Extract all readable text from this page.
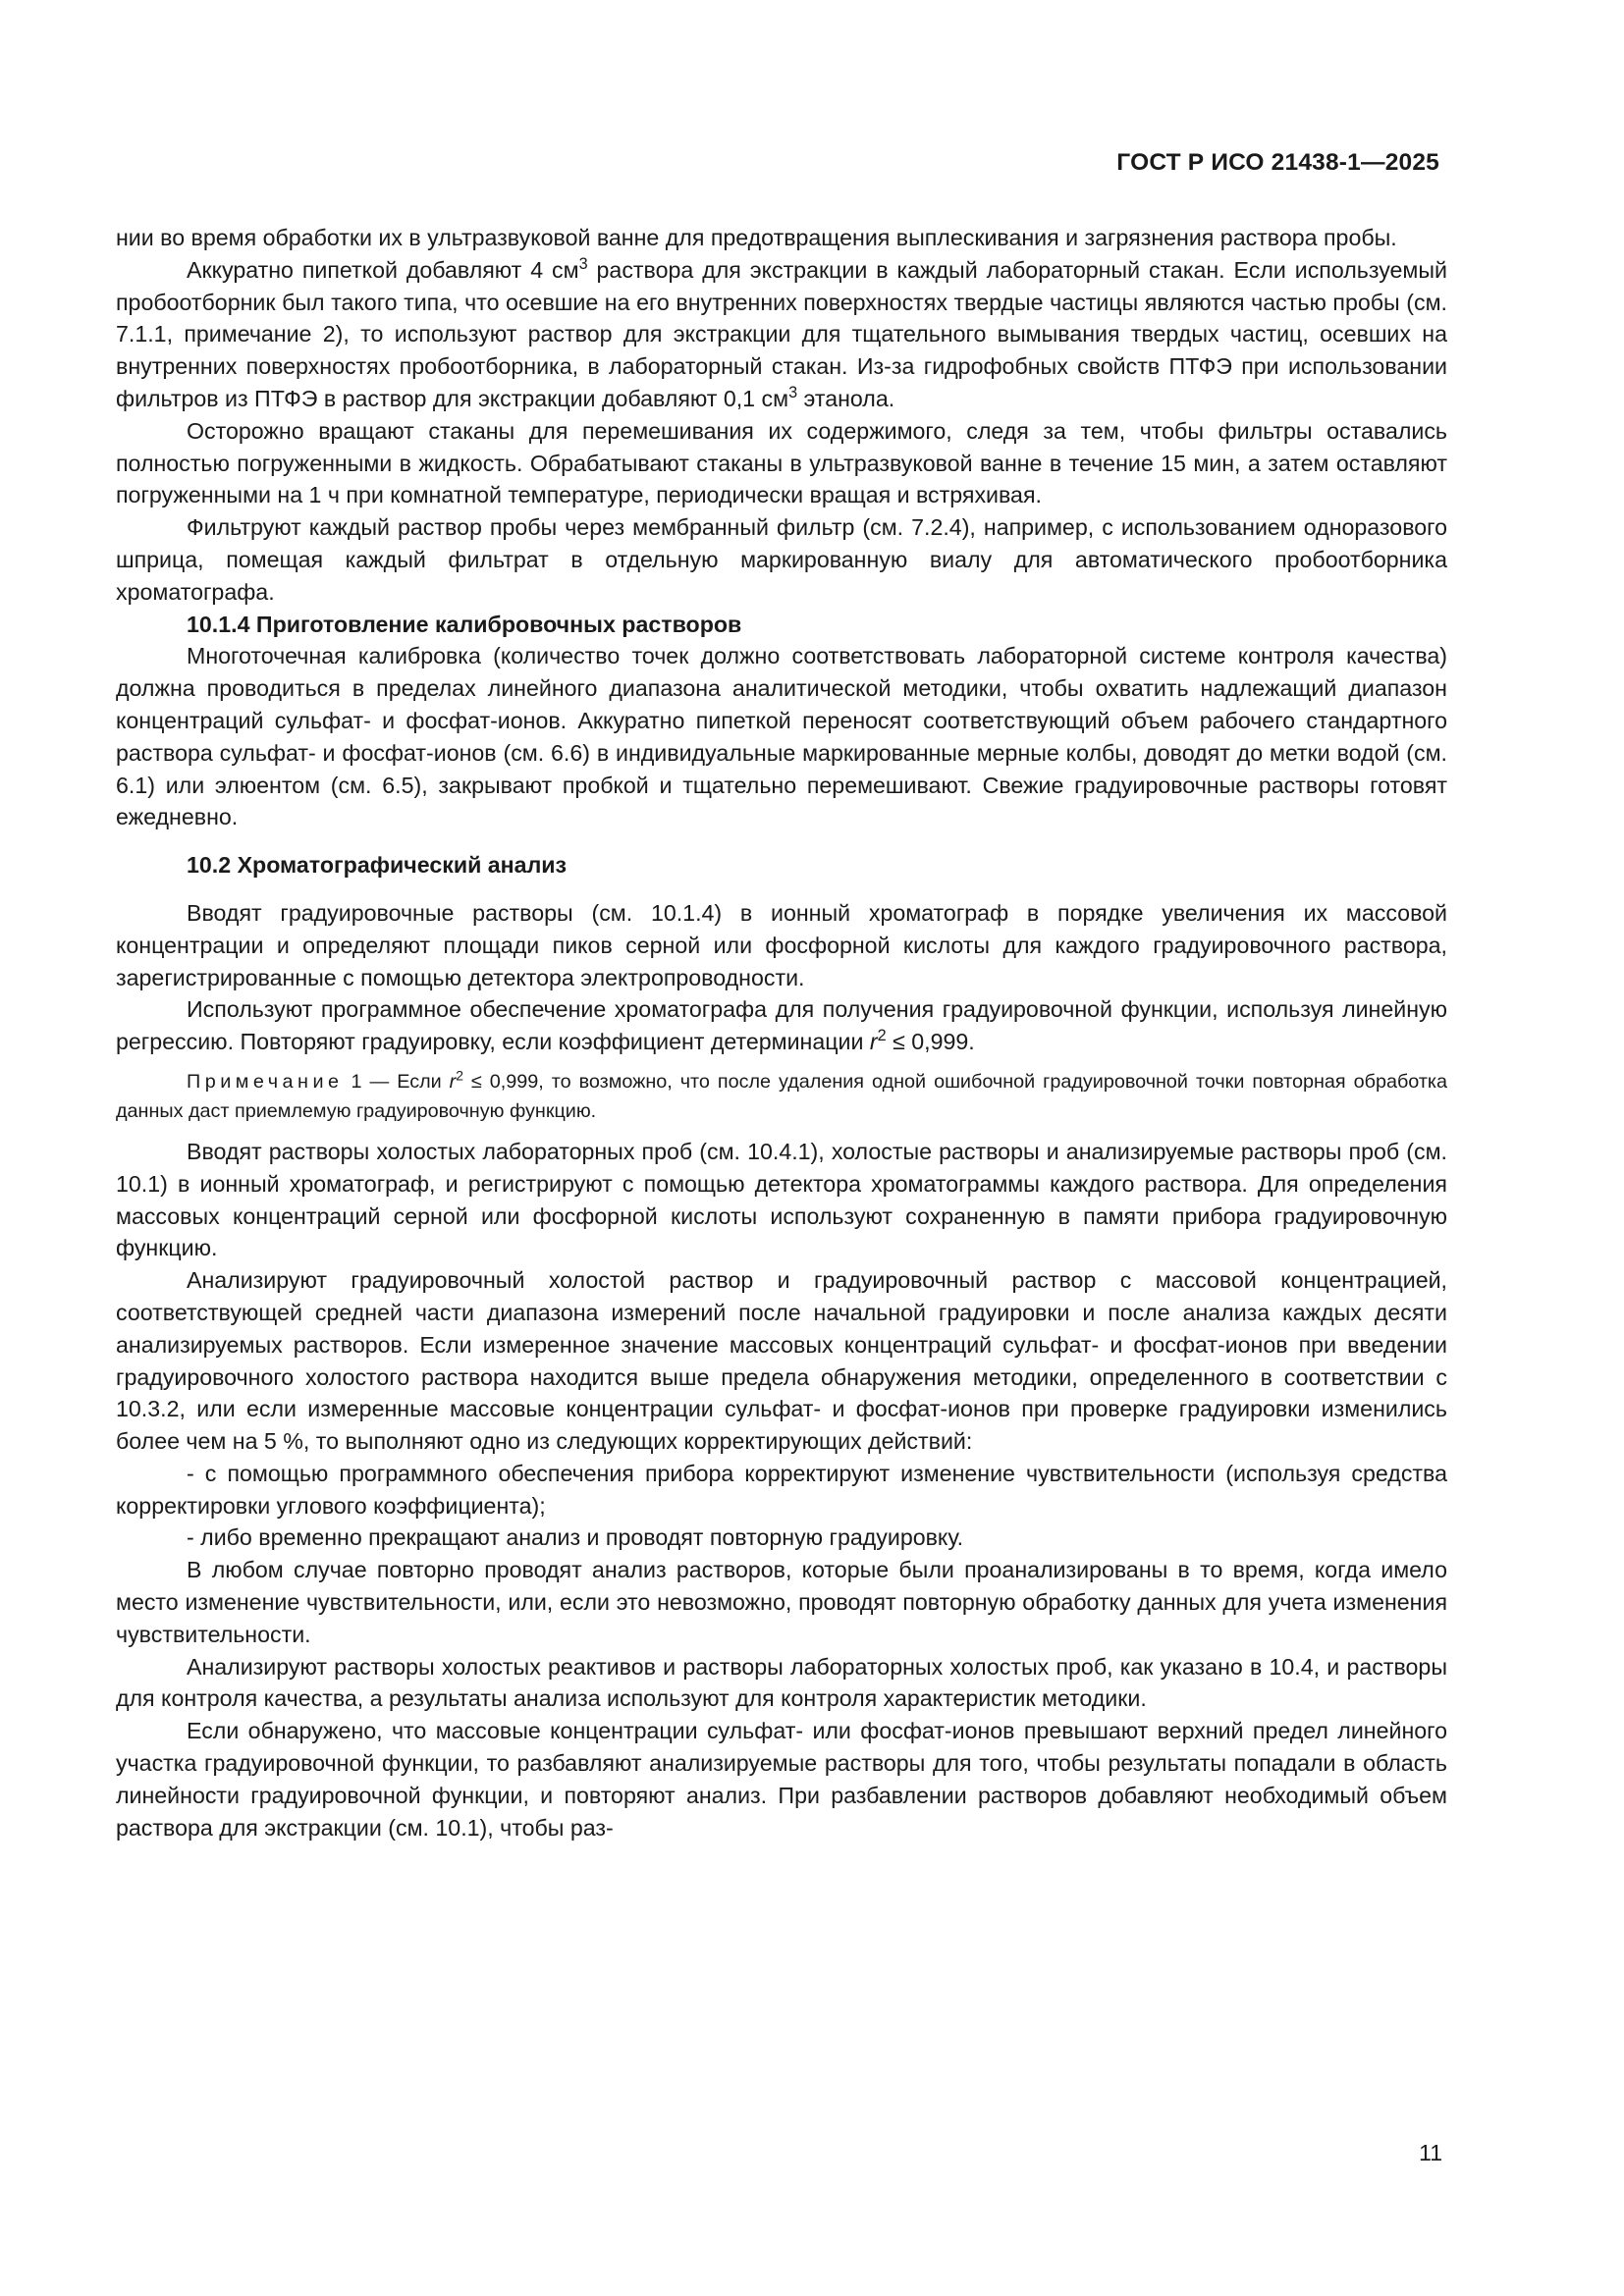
ГОСТ Р ИСО 21438-1—2025

нии во время обработки их в ультразвуковой ванне для предотвращения выплескивания и загрязнения раствора пробы.

Аккуратно пипеткой добавляют 4 $см^3$ раствора для экстракции в каждый лабораторный стакан. Если используемый пробоотборник был такого типа, что осевшие на его внутренних поверхностях твердые частицы являются частью пробы (см. 7.1.1, примечание 2), то используют раствор для экстракции для тщательного вымывания твердых частиц, осевших на внутренних поверхностях пробоотборника, в лабораторный стакан. Из-за гидрофобных свойств ПТФЭ при использовании фильтров из ПТФЭ в раствор для экстракции добавляют 0,1 $см^3$ этанола.

Осторожно вращают стаканы для перемешивания их содержимого, следя за тем, чтобы фильтры оставались полностью погруженными в жидкость. Обрабатывают стаканы в ультразвуковой ванне в течение 15 мин, а затем оставляют погруженными на 1 ч при комнатной температуре, периодически вращая и встряхивая.

Фильтруют каждый раствор пробы через мембранный фильтр (см. 7.2.4), например, с использованием одноразового шприца, помещая каждый фильтрат в отдельную маркированную виалу для автоматического пробоотборника хроматографа.

10.1.4 Приготовление калибровочных растворов

Многоточечная калибровка (количество точек должно соответствовать лабораторной системе контроля качества) должна проводиться в пределах линейного диапазона аналитической методики, чтобы охватить надлежащий диапазон концентраций сульфат- и фосфат-ионов. Аккуратно пипеткой переносят соответствующий объем рабочего стандартного раствора сульфат- и фосфат-ионов (см. 6.6) в индивидуальные маркированные мерные колбы, доводят до метки водой (см. 6.1) или элюентом (см. 6.5), закрывают пробкой и тщательно перемешивают. Свежие градуировочные растворы готовят ежедневно.

10.2 Хроматографический анализ

Вводят градуировочные растворы (см. 10.1.4) в ионный хроматограф в порядке увеличения их массовой концентрации и определяют площади пиков серной или фосфорной кислоты для каждого градуировочного раствора, зарегистрированные с помощью детектора электропроводности.

Используют программное обеспечение хроматографа для получения градуировочной функции, используя линейную регрессию. Повторяют градуировку, если коэффициент детерминации $r^2 \le 0,999$.

Примечание 1 — Если $r^2 \le 0,999$, то возможно, что после удаления одной ошибочной градуировочной точки повторная обработка данных даст приемлемую градуировочную функцию.

Вводят растворы холостых лабораторных проб (см. 10.4.1), холостые растворы и анализируемые растворы проб (см. 10.1) в ионный хроматограф, и регистрируют с помощью детектора хроматограммы каждого раствора. Для определения массовых концентраций серной или фосфорной кислоты используют сохраненную в памяти прибора градуировочную функцию.

Анализируют градуировочный холостой раствор и градуировочный раствор с массовой концентрацией, соответствующей средней части диапазона измерений после начальной градуировки и после анализа каждых десяти анализируемых растворов. Если измеренное значение массовых концентраций сульфат- и фосфат-ионов при введении градуировочного холостого раствора находится выше предела обнаружения методики, определенного в соответствии с 10.3.2, или если измеренные массовые концентрации сульфат- и фосфат-ионов при проверке градуировки изменились более чем на 5 %, то выполняют одно из следующих корректирующих действий:

- с помощью программного обеспечения прибора корректируют изменение чувствительности (используя средства корректировки углового коэффициента);

- либо временно прекращают анализ и проводят повторную градуировку.

В любом случае повторно проводят анализ растворов, которые были проанализированы в то время, когда имело место изменение чувствительности, или, если это невозможно, проводят повторную обработку данных для учета изменения чувствительности.

Анализируют растворы холостых реактивов и растворы лабораторных холостых проб, как указано в 10.4, и растворы для контроля качества, а результаты анализа используют для контроля характеристик методики.

Если обнаружено, что массовые концентрации сульфат- или фосфат-ионов превышают верхний предел линейного участка градуировочной функции, то разбавляют анализируемые растворы для того, чтобы результаты попадали в область линейности градуировочной функции, и повторяют анализ. При разбавлении растворов добавляют необходимый объем раствора для экстракции (см. 10.1), чтобы раз-

11
